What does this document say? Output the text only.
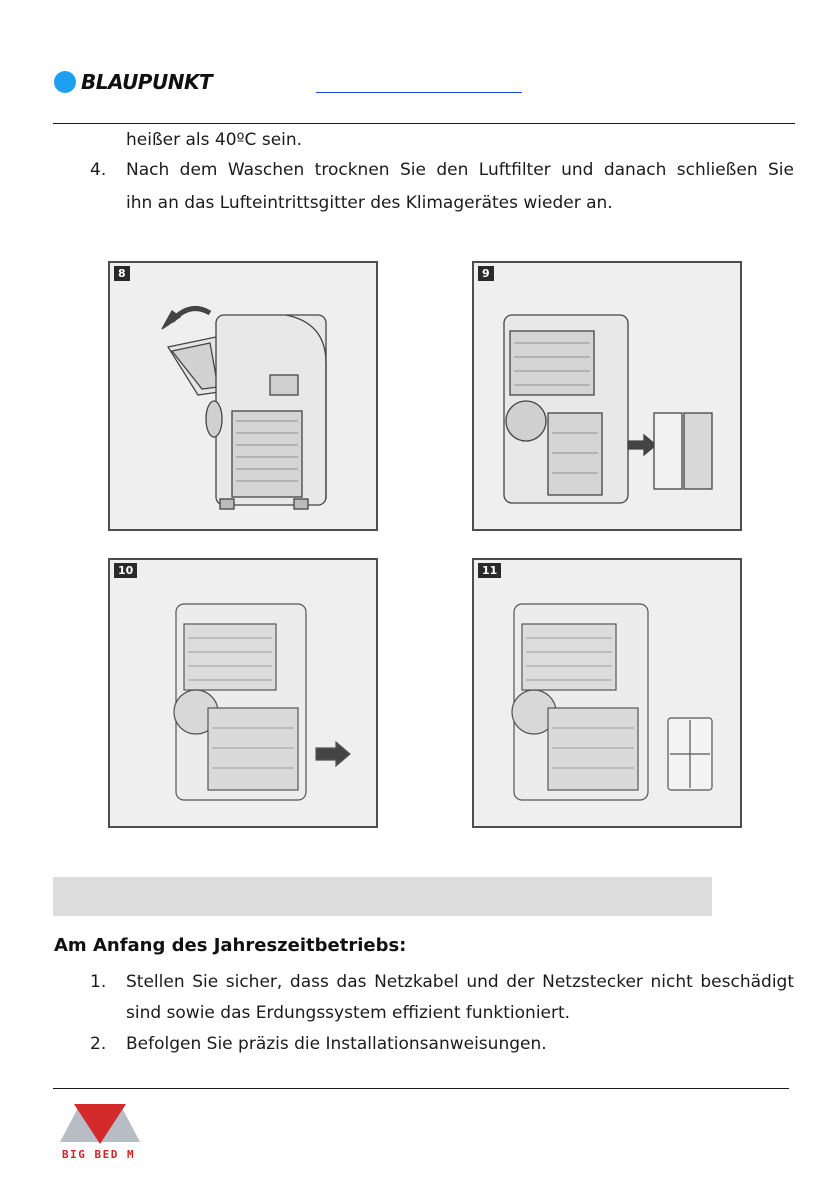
BLAUPUNKT
heißer als 40ºC sein.
4. Nach dem Waschen trocknen Sie den Luftfilter und danach schließen Sie
ihn an das Lufteintrittsgitter des Klimagerätes wieder an.
8	9
10	11
Am Anfang des Jahreszeitbetriebs:
1. Stellen Sie sicher, dass das Netzkabel und der Netzstecker nicht beschädigt
sind sowie das Erdungssystem effizient funktioniert.
2. Befolgen Sie präzis die Installationsanweisungen.
BIG BED M
